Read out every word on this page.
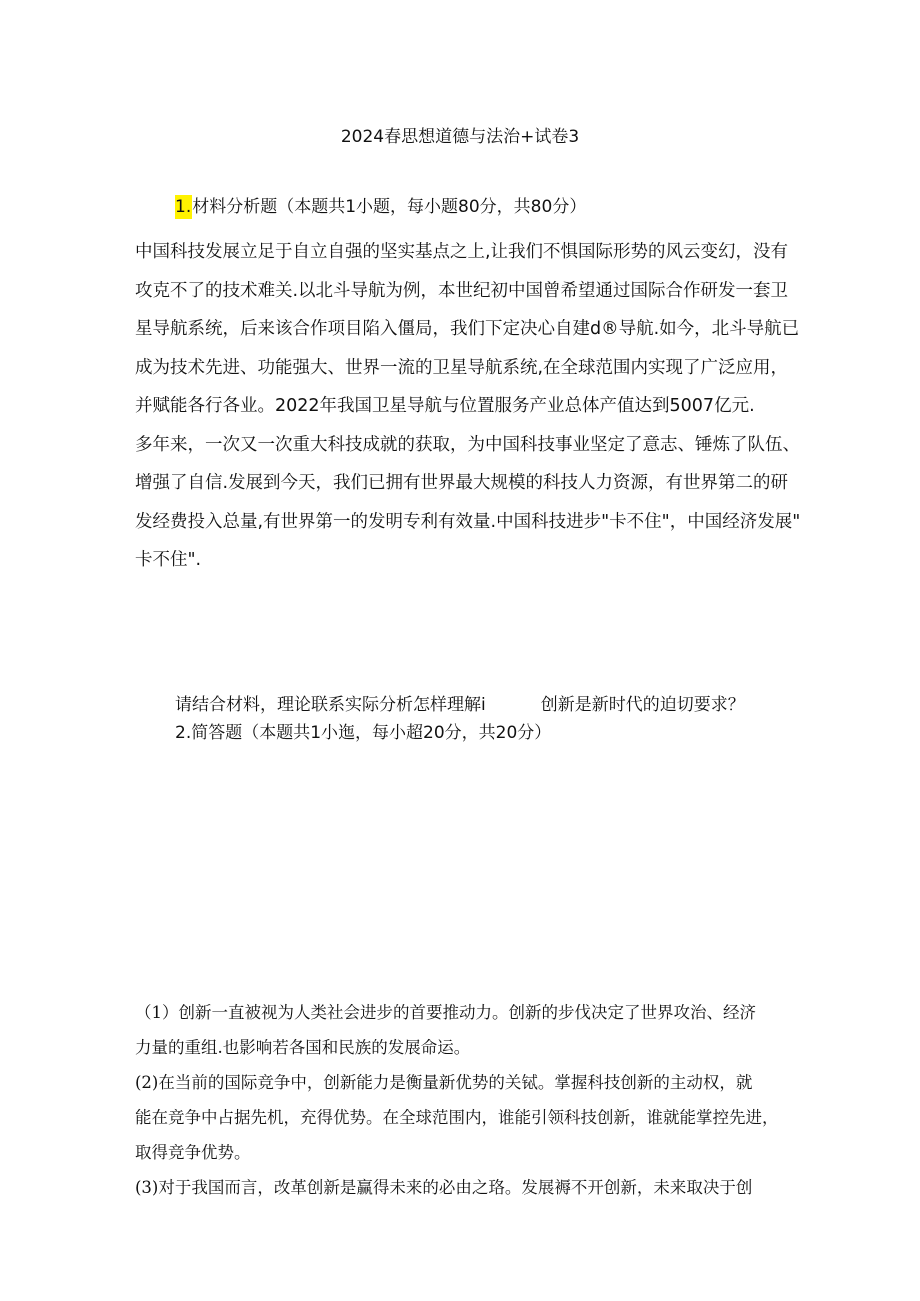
2024春思想道德与法治+试卷3
1.材料分析题（本题共1小题，每小题80分，共80分）

中国科技发展立足于自立自强的坚实基点之上,让我们不惧国际形势的风云变幻，没有

攻克不了的技术难关.以北斗导航为例，本世纪初中国曾希望通过国际合作研发一套卫

星导航系统，后来该合作项目陷入僵局，我们下定决心自建d®导航.如今，北斗导航已

成为技术先进、功能强大、世界一流的卫星导航系统,在全球范围内实现了广泛应用，

并赋能各行各业。2022年我国卫星导航与位置服务产业总体产值达到5007亿元.

多年来，一次又一次重大科技成就的获取，为中国科技事业坚定了意志、锤炼了队伍、

增强了自信.发展到今天，我们已拥有世界最大规模的科技人力资源，有世界第二的研

发经费投入总量,有世界第一的发明专利有效量.中国科技进步"卡不住"，中国经济发展"

卡不住".

请结合材料，理论联系实际分析怎样理解i	创新是新时代的迫切要求？
2.简答题（本题共1小迤，每小超20分，共20分）

（1）创新一直被视为人类社会进步的首要推动力。创新的步伐决定了世界攻治、经济

力量的重组.也影响若各国和民族的发展命运。

(2)在当前的国际竞争中，创新能力是衡量新优势的关铽。掌握科技创新的主动权，就

能在竞争中占据先机，充得优势。在全球范围内，谁能引领科技创新，谁就能掌控先进，

取得竞争优势。

(3)对于我国而言，改革创新是赢得未来的必由之珞。发展褥不开创新，未来取决于创
